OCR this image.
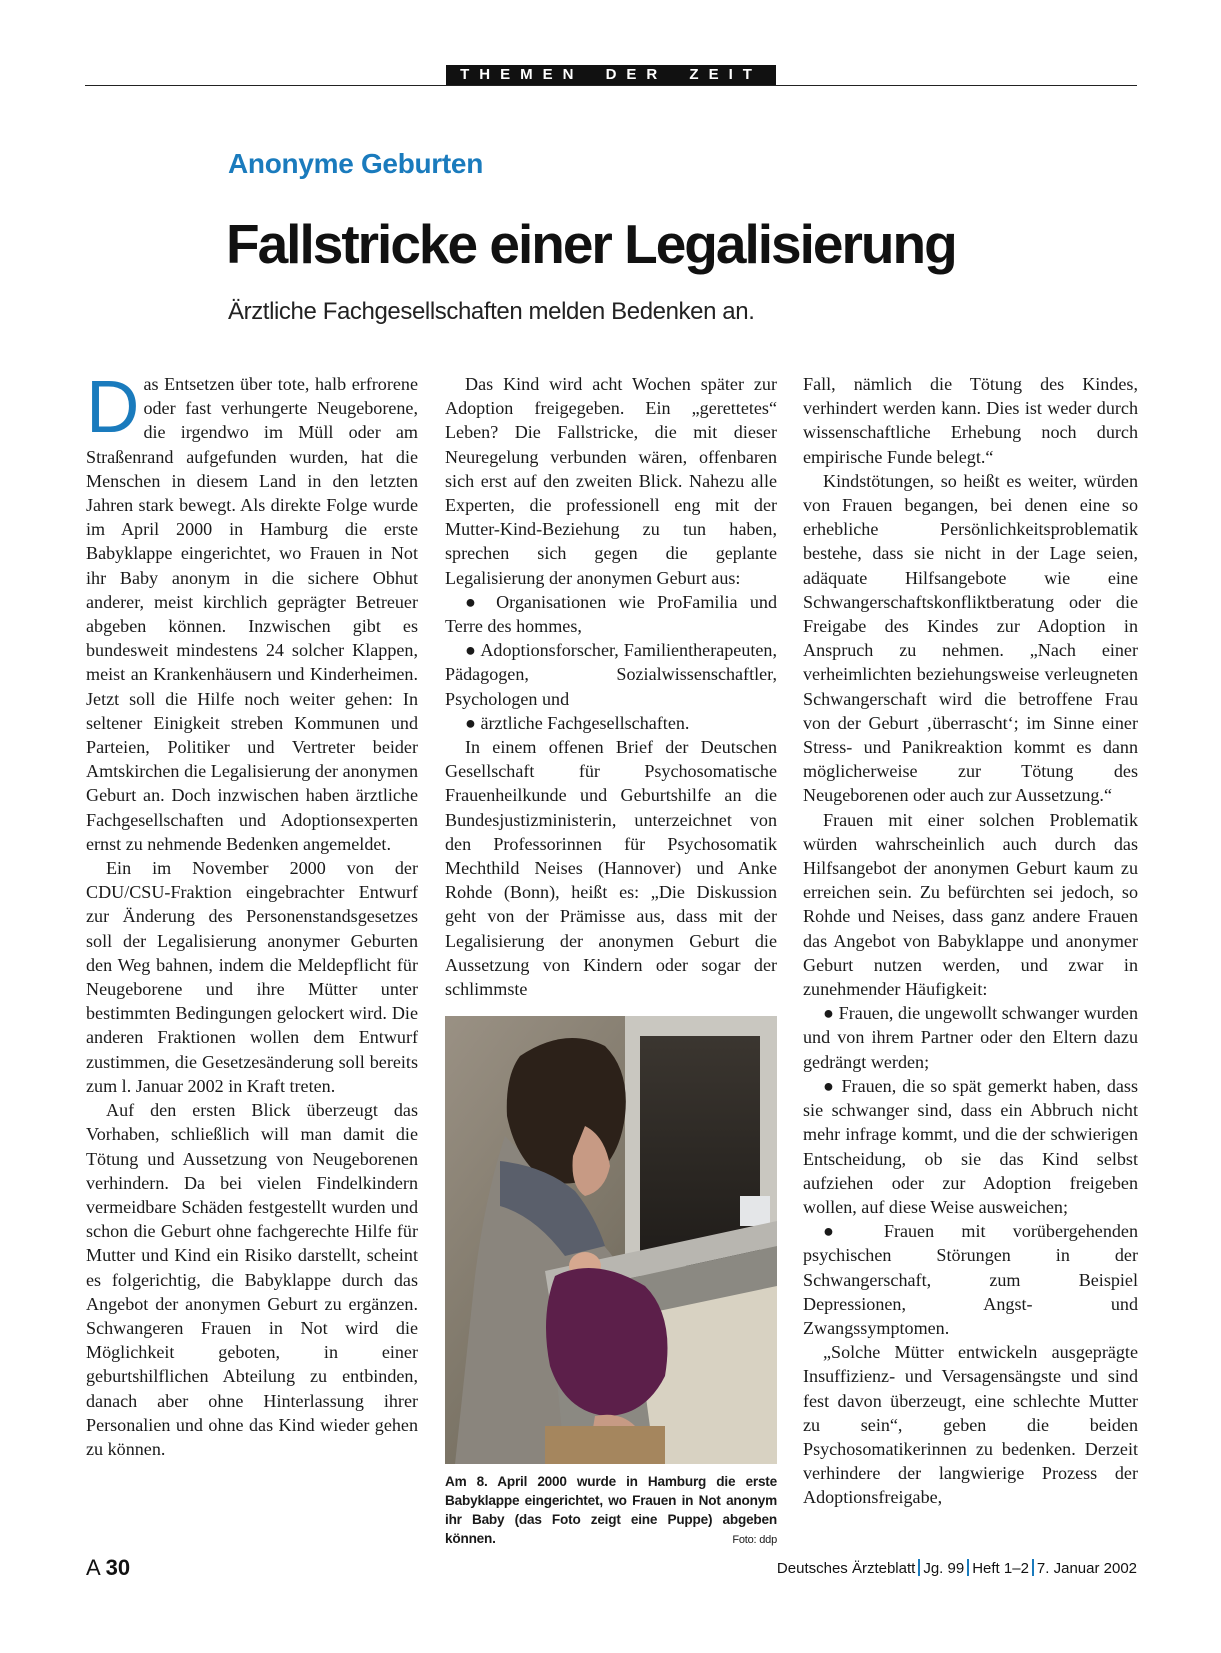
THEMEN DER ZEIT
Anonyme Geburten
Fallstricke einer Legalisierung
Ärztliche Fachgesellschaften melden Bedenken an.

Das Entsetzen über tote, halb erfrorene oder fast verhungerte Neugeborene, die irgendwo im Müll oder am Straßenrand aufgefunden wurden, hat die Menschen in diesem Land in den letzten Jahren stark bewegt. Als direkte Folge wurde im April 2000 in Hamburg die erste Babyklappe eingerichtet, wo Frauen in Not ihr Baby anonym in die sichere Obhut anderer, meist kirchlich geprägter Betreuer abgeben können. Inzwischen gibt es bundesweit mindestens 24 solcher Klappen, meist an Krankenhäusern und Kinderheimen. Jetzt soll die Hilfe noch weiter gehen: In seltener Einigkeit streben Kommunen und Parteien, Politiker und Vertreter beider Amtskirchen die Legalisierung der anonymen Geburt an. Doch inzwischen haben ärztliche Fachgesellschaften und Adoptionsexperten ernst zu nehmende Bedenken angemeldet.

Ein im November 2000 von der CDU/CSU-Fraktion eingebrachter Entwurf zur Änderung des Personenstandsgesetzes soll der Legalisierung anonymer Geburten den Weg bahnen, indem die Meldepflicht für Neugeborene und ihre Mütter unter bestimmten Bedingungen gelockert wird. Die anderen Fraktionen wollen dem Entwurf zustimmen, die Gesetzesänderung soll bereits zum l. Januar 2002 in Kraft treten.

Auf den ersten Blick überzeugt das Vorhaben, schließlich will man damit die Tötung und Aussetzung von Neugeborenen verhindern. Da bei vielen Findelkindern vermeidbare Schäden festgestellt wurden und schon die Geburt ohne fachgerechte Hilfe für Mutter und Kind ein Risiko darstellt, scheint es folgerichtig, die Babyklappe durch das Angebot der anonymen Geburt zu ergänzen. Schwangeren Frauen in Not wird die Möglichkeit geboten, in einer geburtshilflichen Abteilung zu entbinden, danach aber ohne Hinterlassung ihrer Personalien und ohne das Kind wieder gehen zu können.

Das Kind wird acht Wochen später zur Adoption freigegeben. Ein „gerettetes“ Leben? Die Fallstricke, die mit dieser Neuregelung verbunden wären, offenbaren sich erst auf den zweiten Blick. Nahezu alle Experten, die professionell eng mit der Mutter-Kind-Beziehung zu tun haben, sprechen sich gegen die geplante Legalisierung der anonymen Geburt aus:

● Organisationen wie ProFamilia und Terre des hommes,

● Adoptionsforscher, Familientherapeuten, Pädagogen, Sozialwissenschaftler, Psychologen und

● ärztliche Fachgesellschaften.

In einem offenen Brief der Deutschen Gesellschaft für Psychosomatische Frauenheilkunde und Geburtshilfe an die Bundesjustizministerin, unterzeichnet von den Professorinnen für Psychosomatik Mechthild Neises (Hannover) und Anke Rohde (Bonn), heißt es: „Die Diskussion geht von der Prämisse aus, dass mit der Legalisierung der anonymen Geburt die Aussetzung von Kindern oder sogar der schlimmste

Am 8. April 2000 wurde in Hamburg die erste Babyklappe eingerichtet, wo Frauen in Not anonym ihr Baby (das Foto zeigt eine Puppe) abgeben können.	Foto: ddp

Fall, nämlich die Tötung des Kindes, verhindert werden kann. Dies ist weder durch wissenschaftliche Erhebung noch durch empirische Funde belegt.“

Kindstötungen, so heißt es weiter, würden von Frauen begangen, bei denen eine so erhebliche Persönlichkeitsproblematik bestehe, dass sie nicht in der Lage seien, adäquate Hilfsangebote wie eine Schwangerschaftskonfliktberatung oder die Freigabe des Kindes zur Adoption in Anspruch zu nehmen. „Nach einer verheimlichten beziehungsweise verleugneten Schwangerschaft wird die betroffene Frau von der Geburt ‚überrascht‘; im Sinne einer Stress- und Panikreaktion kommt es dann möglicherweise zur Tötung des Neugeborenen oder auch zur Aussetzung.“

Frauen mit einer solchen Problematik würden wahrscheinlich auch durch das Hilfsangebot der anonymen Geburt kaum zu erreichen sein. Zu befürchten sei jedoch, so Rohde und Neises, dass ganz andere Frauen das Angebot von Babyklappe und anonymer Geburt nutzen werden, und zwar in zunehmender Häufigkeit:

● Frauen, die ungewollt schwanger wurden und von ihrem Partner oder den Eltern dazu gedrängt werden;

● Frauen, die so spät gemerkt haben, dass sie schwanger sind, dass ein Abbruch nicht mehr infrage kommt, und die der schwierigen Entscheidung, ob sie das Kind selbst aufziehen oder zur Adoption freigeben wollen, auf diese Weise ausweichen;

● Frauen mit vorübergehenden psychischen Störungen in der Schwangerschaft, zum Beispiel Depressionen, Angst- und Zwangssymptomen.

„Solche Mütter entwickeln ausgeprägte Insuffizienz- und Versagensängste und sind fest davon überzeugt, eine schlechte Mutter zu sein“, geben die beiden Psychosomatikerinnen zu bedenken. Derzeit verhindere der langwierige Prozess der Adoptionsfreigabe,

A 30	Deutsches Ärzteblatt Jg. 99 Heft 1–2 7. Januar 2002
